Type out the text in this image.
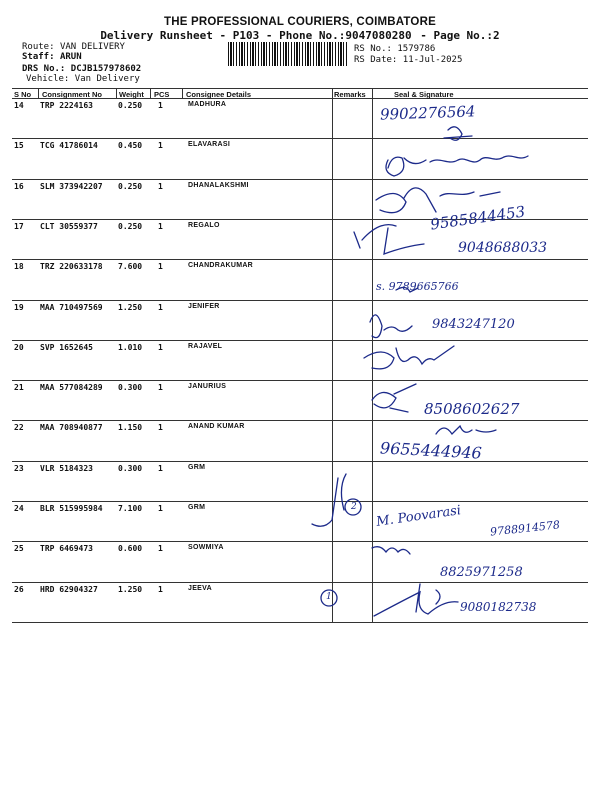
THE PROFESSIONAL COURIERS, COIMBATORE
Delivery Runsheet - P103 - Phone No.:9047080280 - Page No.:2
Route: VAN DELIVERY
Staff: ARUN
DRS No.: DCJB157978602
Vehicle: Van Delivery
RS No.: 1579786
RS Date: 11-Jul-2025
S No Consignment No Weight PCS Consignee Details	Remarks	Seal & Signature
14 TRP 2224163	0.250 1	MADHURA
15 TCG 41786014	0.450 1	ELAVARASI
16 SLM 373942207 0.250 1	DHANALAKSHMI
17 CLT 30559377	0.250 1	REGALO
18 TRZ 220633178 7.600 1	CHANDRAKUMAR
19 MAA 710497569 1.250 1	JENIFER
20 SVP 1652645	1.010 1	RAJAVEL
21 MAA 577084289 0.300 1	JANURIUS
22 MAA 708940877 1.150 1	ANAND KUMAR
23 VLR 5184323	0.300 1	GRM
24 BLR 515995984 7.100 1	GRM
25 TRP 6469473	0.600 1	SOWMIYA
26 HRD 62904327	1.250 1	JEEVA
9902276564
9585844453
9048688033
s. 9789665766
9843247120
8508602627
9655444946
M. Poovarasi	9788914578
8825971258
9080182738
1
2
